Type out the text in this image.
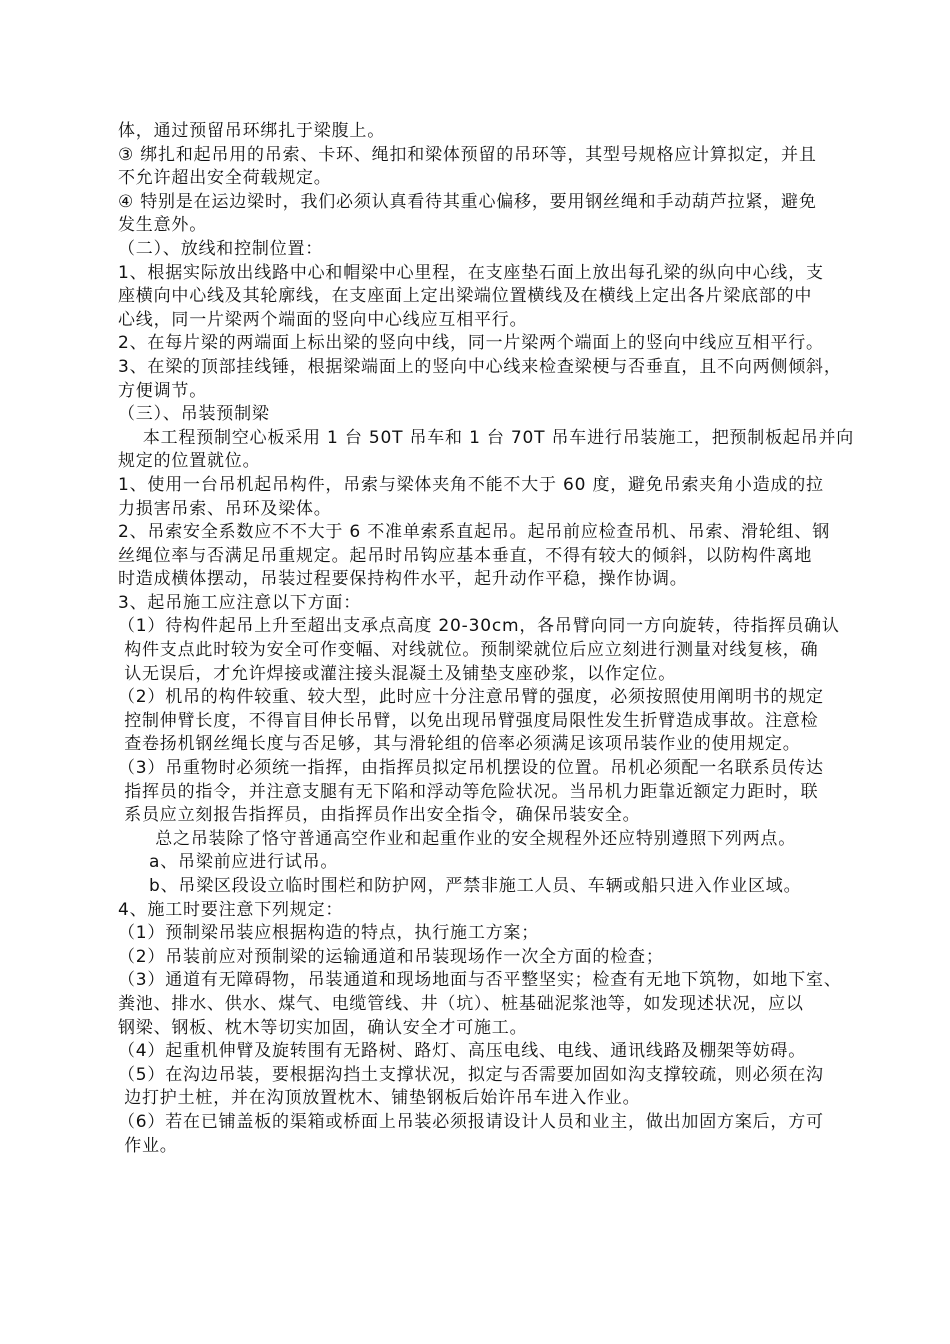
体，通过预留吊环绑扎于梁腹上。
③ 绑扎和起吊用的吊索、卡环、绳扣和梁体预留的吊环等，其型号规格应计算拟定，并且
不允许超出安全荷载规定。
④ 特别是在运边梁时，我们必须认真看待其重心偏移，要用钢丝绳和手动葫芦拉紧，避免
发生意外。
（二）、放线和控制位置：
1、根据实际放出线路中心和帽梁中心里程，在支座垫石面上放出每孔梁的纵向中心线，支
座横向中心线及其轮廓线，在支座面上定出梁端位置横线及在横线上定出各片梁底部的中
心线，同一片梁两个端面的竖向中心线应互相平行。
2、在每片梁的两端面上标出梁的竖向中线，同一片梁两个端面上的竖向中线应互相平行。
3、在梁的顶部挂线锤，根据梁端面上的竖向中心线来检查梁梗与否垂直，且不向两侧倾斜，
方便调节。
（三）、吊装预制梁
本工程预制空心板采用 1 台 50T 吊车和 1 台 70T 吊车进行吊装施工，把预制板起吊并向
规定的位置就位。
1、使用一台吊机起吊构件，吊索与梁体夹角不能不大于 60 度，避免吊索夹角小造成的拉
力损害吊索、吊环及梁体。
2、吊索安全系数应不不大于 6 不准单索系直起吊。起吊前应检查吊机、吊索、滑轮组、钢
丝绳位率与否满足吊重规定。起吊时吊钩应基本垂直，不得有较大的倾斜，以防构件离地
时造成横体摆动，吊装过程要保持构件水平，起升动作平稳，操作协调。
3、起吊施工应注意以下方面：
（1）待构件起吊上升至超出支承点高度 20-30cm，各吊臂向同一方向旋转，待指挥员确认
构件支点此时较为安全可作变幅、对线就位。预制梁就位后应立刻进行测量对线复核，确
认无误后，才允许焊接或灌注接头混凝土及铺垫支座砂浆，以作定位。
（2）机吊的构件较重、较大型，此时应十分注意吊臂的强度，必须按照使用阐明书的规定
控制伸臂长度，不得盲目伸长吊臂，以免出现吊臂强度局限性发生折臂造成事故。注意检
查卷扬机钢丝绳长度与否足够，其与滑轮组的倍率必须满足该项吊装作业的使用规定。
（3）吊重物时必须统一指挥，由指挥员拟定吊机摆设的位置。吊机必须配一名联系员传达
指挥员的指令，并注意支腿有无下陷和浮动等危险状况。当吊机力距靠近额定力距时，联
系员应立刻报告指挥员，由指挥员作出安全指令，确保吊装安全。
总之吊装除了恪守普通高空作业和起重作业的安全规程外还应特别遵照下列两点。
a、吊梁前应进行试吊。
b、吊梁区段设立临时围栏和防护网，严禁非施工人员、车辆或船只进入作业区域。
4、施工时要注意下列规定：
（1）预制梁吊装应根据构造的特点，执行施工方案；
（2）吊装前应对预制梁的运输通道和吊装现场作一次全方面的检查；
（3）通道有无障碍物，吊装通道和现场地面与否平整坚实；检查有无地下筑物，如地下室、
粪池、排水、供水、煤气、电缆管线、井（坑）、桩基础泥浆池等，如发现述状况，应以
钢梁、钢板、枕木等切实加固，确认安全才可施工。
（4）起重机伸臂及旋转围有无路树、路灯、高压电线、电线、通讯线路及棚架等妨碍。
（5）在沟边吊装，要根据沟挡土支撑状况，拟定与否需要加固如沟支撑较疏，则必须在沟
边打护土桩，并在沟顶放置枕木、铺垫钢板后始许吊车进入作业。
（6）若在已铺盖板的渠箱或桥面上吊装必须报请设计人员和业主，做出加固方案后，方可
作业。
